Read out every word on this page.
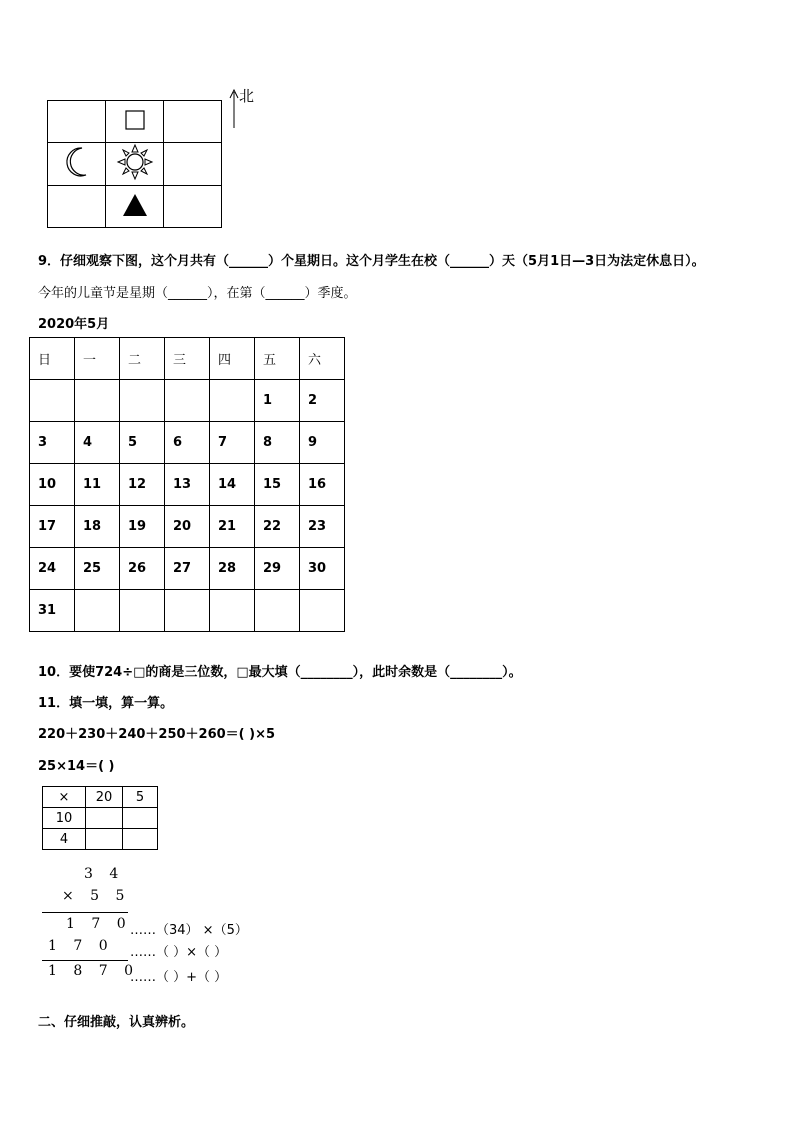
北
9．仔细观察下图，这个月共有（______）个星期日。这个月学生在校（______）天（5月1日—3日为法定休息日）。
今年的儿童节是星期（______），在第（______）季度。
2020年5月
日	一	二	三	四	五	六
					1	2
3	4	5	6	7	8	9
10	11	12	13	14	15	16
17	18	19	20	21	22	23
24	25	26	27	28	29	30
31						
10．要使724÷□的商是三位数，□最大填（________），此时余数是（________）。
11．填一填，算一算。
220＋230＋240＋250＋260＝( )×5
25×14＝( )
×	20	5
10		
4		
3 4
× 5 5
1 7 0
……（34） ×（5）
1 7 0 ……（ ）×（ ）
1 8 7 0
……（ ）+（ ）
二、仔细推敲，认真辨析。
